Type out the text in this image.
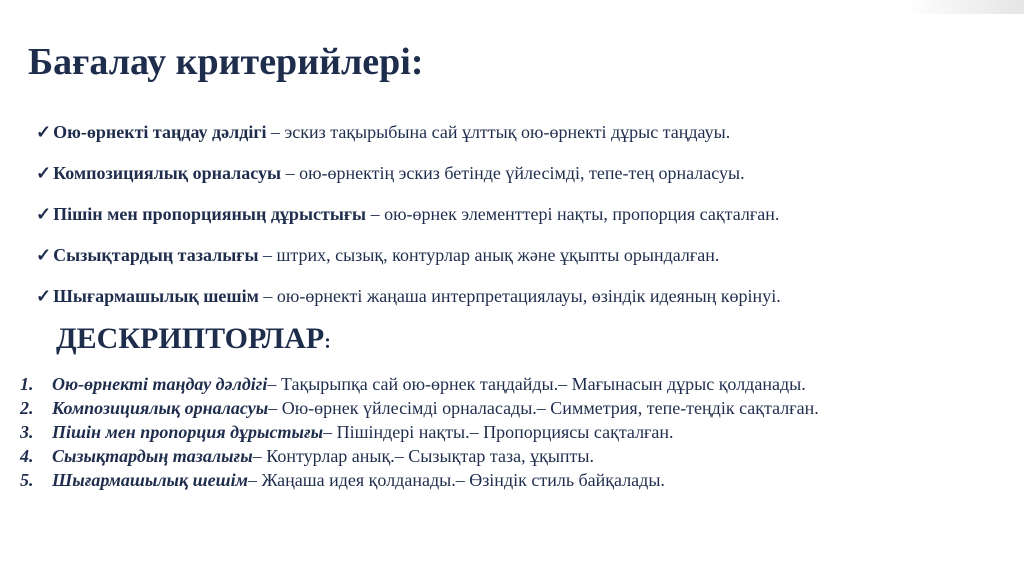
Бағалау критерийлері:
✓ Ою-өрнекті таңдау дәлдігі – эскиз тақырыбына сай ұлттық ою-өрнекті дұрыс таңдауы.
✓ Композициялық орналасуы – ою-өрнектің эскиз бетінде үйлесімді, тепе-тең орналасуы.
✓ Пішін мен пропорцияның дұрыстығы – ою-өрнек элементтері нақты, пропорция сақталған.
✓ Сызықтардың тазалығы – штрих, сызық, контурлар анық және ұқыпты орындалған.
✓ Шығармашылық шешім – ою-өрнекті жаңаша интерпретациялауы, өзіндік идеяның көрінуі.
ДЕСКРИПТОРЛАР:
1. Ою-өрнекті таңдау дәлдігі– Тақырыпқа сай ою-өрнек таңдайды.– Мағынасын дұрыс қолданады.
2. Композициялық орналасуы– Ою-өрнек үйлесімді орналасады.– Симметрия, тепе-теңдік сақталған.
3. Пішін мен пропорция дұрыстығы– Пішіндері нақты.– Пропорциясы сақталған.
4. Сызықтардың тазалығы– Контурлар анық.– Сызықтар таза, ұқыпты.
5. Шығармашылық шешім– Жаңаша идея қолданады.– Өзіндік стиль байқалады.
